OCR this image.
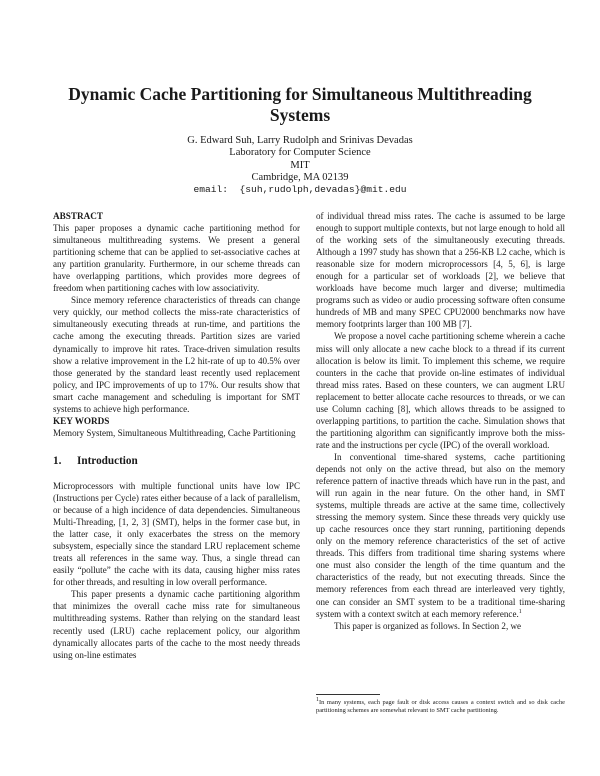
Dynamic Cache Partitioning for Simultaneous Multithreading Systems
G. Edward Suh, Larry Rudolph and Srinivas Devadas
Laboratory for Computer Science
MIT
Cambridge, MA 02139
email: {suh,rudolph,devadas}@mit.edu

ABSTRACT

This paper proposes a dynamic cache partitioning method for simultaneous multithreading systems. We present a general partitioning scheme that can be applied to set-associative caches at any partition granularity. Furthermore, in our scheme threads can have overlapping partitions, which provides more degrees of freedom when partitioning caches with low associativity.

Since memory reference characteristics of threads can change very quickly, our method collects the miss-rate characteristics of simultaneously executing threads at run-time, and partitions the cache among the executing threads. Partition sizes are varied dynamically to improve hit rates. Trace-driven simulation results show a relative improvement in the L2 hit-rate of up to 40.5% over those generated by the standard least recently used replacement policy, and IPC improvements of up to 17%. Our results show that smart cache management and scheduling is important for SMT systems to achieve high performance.

KEY WORDS

Memory System, Simultaneous Multithreading, Cache Partitioning

1. Introduction

Microprocessors with multiple functional units have low IPC (Instructions per Cycle) rates either because of a lack of parallelism, or because of a high incidence of data dependencies. Simultaneous Multi-Threading, [1, 2, 3] (SMT), helps in the former case but, in the latter case, it only exacerbates the stress on the memory subsystem, especially since the standard LRU replacement scheme treats all references in the same way. Thus, a single thread can easily “pollute” the cache with its data, causing higher miss rates for other threads, and resulting in low overall performance.

This paper presents a dynamic cache partitioning algorithm that minimizes the overall cache miss rate for simultaneous multithreading systems. Rather than relying on the standard least recently used (LRU) cache replacement policy, our algorithm dynamically allocates parts of the cache to the most needy threads using on-line estimates

of individual thread miss rates. The cache is assumed to be large enough to support multiple contexts, but not large enough to hold all of the working sets of the simultaneously executing threads. Although a 1997 study has shown that a 256-KB L2 cache, which is reasonable size for modern microprocessors [4, 5, 6], is large enough for a particular set of workloads [2], we believe that workloads have become much larger and diverse; multimedia programs such as video or audio processing software often consume hundreds of MB and many SPEC CPU2000 benchmarks now have memory footprints larger than 100 MB [7].

We propose a novel cache partitioning scheme wherein a cache miss will only allocate a new cache block to a thread if its current allocation is below its limit. To implement this scheme, we require counters in the cache that provide on-line estimates of individual thread miss rates. Based on these counters, we can augment LRU replacement to better allocate cache resources to threads, or we can use Column caching [8], which allows threads to be assigned to overlapping partitions, to partition the cache. Simulation shows that the partitioning algorithm can significantly improve both the miss-rate and the instructions per cycle (IPC) of the overall workload.

In conventional time-shared systems, cache partitioning depends not only on the active thread, but also on the memory reference pattern of inactive threads which have run in the past, and will run again in the near future. On the other hand, in SMT systems, multiple threads are active at the same time, collectively stressing the memory system. Since these threads very quickly use up cache resources once they start running, partitioning depends only on the memory reference characteristics of the set of active threads. This differs from traditional time sharing systems where one must also consider the length of the time quantum and the characteristics of the ready, but not executing threads. Since the memory references from each thread are interleaved very tightly, one can consider an SMT system to be a traditional time-sharing system with a context switch at each memory reference.$^1$

This paper is organized as follows. In Section 2, we

$^1$In many systems, each page fault or disk access causes a context switch and so disk cache partitioning schemes are somewhat relevant to SMT cache partitioning.
